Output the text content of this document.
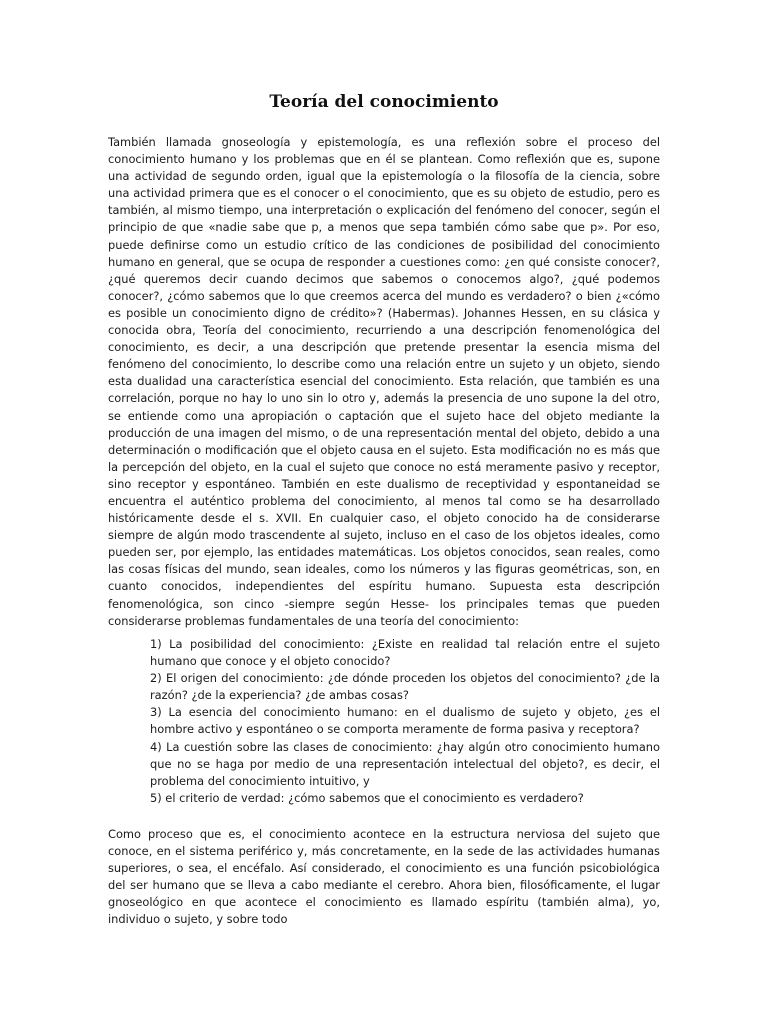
Teoría del conocimiento

También llamada gnoseología y epistemología, es una reflexión sobre el proceso del conocimiento humano y los problemas que en él se plantean. Como reflexión que es, supone una actividad de segundo orden, igual que la epistemología o la filosofía de la ciencia, sobre una actividad primera que es el conocer o el conocimiento, que es su objeto de estudio, pero es también, al mismo tiempo, una interpretación o explicación del fenómeno del conocer, según el principio de que «nadie sabe que p, a menos que sepa también cómo sabe que p». Por eso, puede definirse como un estudio crítico de las condiciones de posibilidad del conocimiento humano en general, que se ocupa de responder a cuestiones como: ¿en qué consiste conocer?, ¿qué queremos decir cuando decimos que sabemos o conocemos algo?, ¿qué podemos conocer?, ¿cómo sabemos que lo que creemos acerca del mundo es verdadero? o bien ¿«cómo es posible un conocimiento digno de crédito»? (Habermas). Johannes Hessen, en su clásica y conocida obra, Teoría del conocimiento, recurriendo a una descripción fenomenológica del conocimiento, es decir, a una descripción que pretende presentar la esencia misma del fenómeno del conocimiento, lo describe como una relación entre un sujeto y un objeto, siendo esta dualidad una característica esencial del conocimiento. Esta relación, que también es una correlación, porque no hay lo uno sin lo otro y, además la presencia de uno supone la del otro, se entiende como una apropiación o captación que el sujeto hace del objeto mediante la producción de una imagen del mismo, o de una representación mental del objeto, debido a una determinación o modificación que el objeto causa en el sujeto. Esta modificación no es más que la percepción del objeto, en la cual el sujeto que conoce no está meramente pasivo y receptor, sino receptor y espontáneo. También en este dualismo de receptividad y espontaneidad se encuentra el auténtico problema del conocimiento, al menos tal como se ha desarrollado históricamente desde el s. XVII. En cualquier caso, el objeto conocido ha de considerarse siempre de algún modo trascendente al sujeto, incluso en el caso de los objetos ideales, como pueden ser, por ejemplo, las entidades matemáticas. Los objetos conocidos, sean reales, como las cosas físicas del mundo, sean ideales, como los números y las figuras geométricas, son, en cuanto conocidos, independientes del espíritu humano. Supuesta esta descripción fenomenológica, son cinco -siempre según Hesse- los principales temas que pueden considerarse problemas fundamentales de una teoría del conocimiento:

1) La posibilidad del conocimiento: ¿Existe en realidad tal relación entre el sujeto humano que conoce y el objeto conocido?
2) El origen del conocimiento: ¿de dónde proceden los objetos del conocimiento? ¿de la razón? ¿de la experiencia? ¿de ambas cosas?
3) La esencia del conocimiento humano: en el dualismo de sujeto y objeto, ¿es el hombre activo y espontáneo o se comporta meramente de forma pasiva y receptora?
4) La cuestión sobre las clases de conocimiento: ¿hay algún otro conocimiento humano que no se haga por medio de una representación intelectual del objeto?, es decir, el problema del conocimiento intuitivo, y
5) el criterio de verdad: ¿cómo sabemos que el conocimiento es verdadero?

Como proceso que es, el conocimiento acontece en la estructura nerviosa del sujeto que conoce, en el sistema periférico y, más concretamente, en la sede de las actividades humanas superiores, o sea, el encéfalo. Así considerado, el conocimiento es una función psicobiológica del ser humano que se lleva a cabo mediante el cerebro. Ahora bien, filosóficamente, el lugar gnoseológico en que acontece el conocimiento es llamado espíritu (también alma), yo, individuo o sujeto, y sobre todo
